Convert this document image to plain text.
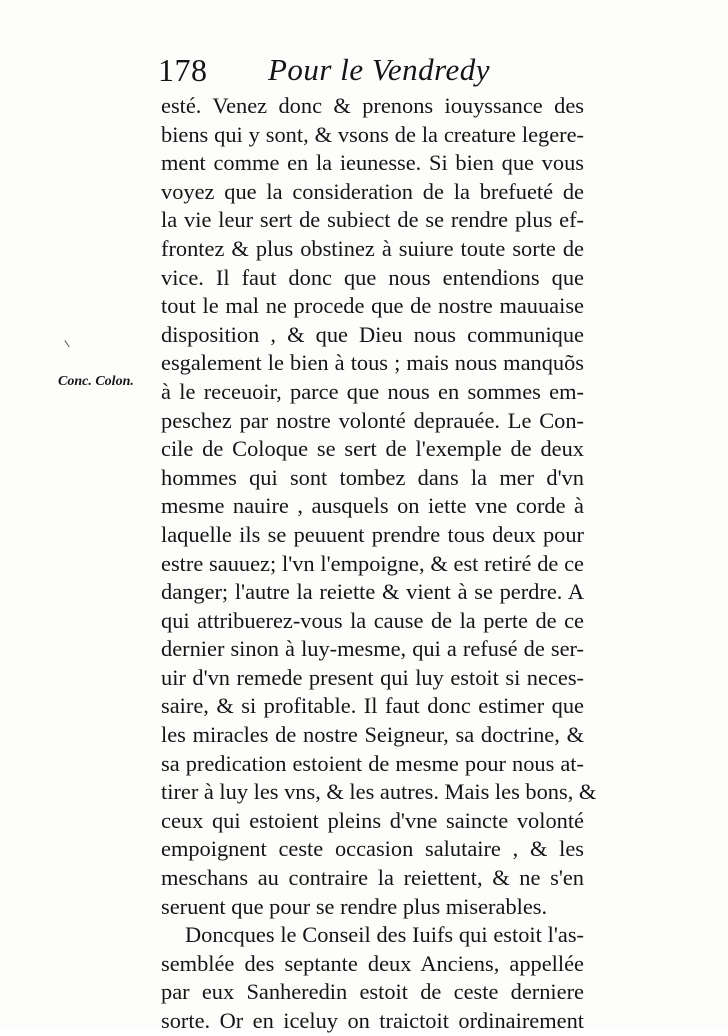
178 Pour le Vendredy
Conc. Colon.
esté. Venez donc & prenons iouyssance des
biens qui y sont, & vsons de la creature legere-
ment comme en la ieunesse. Si bien que vous
voyez que la consideration de la brefueté de
la vie leur sert de subiect de se rendre plus ef-
frontez & plus obstinez à suiure toute sorte de
vice. Il faut donc que nous entendions que
tout le mal ne procede que de nostre mauuaise
disposition , & que Dieu nous communique
esgalement le bien à tous ; mais nous manquõs
à le receuoir, parce que nous en sommes em-
peschez par nostre volonté deprauée. Le Con-
cile de Coloque se sert de l'exemple de deux
hommes qui sont tombez dans la mer d'vn
mesme nauire , ausquels on iette vne corde à
laquelle ils se peuuent prendre tous deux pour
estre sauuez; l'vn l'empoigne, & est retiré de ce
danger; l'autre la reiette & vient à se perdre. A
qui attribuerez-vous la cause de la perte de ce
dernier sinon à luy-mesme, qui a refusé de ser-
uir d'vn remede present qui luy estoit si neces-
saire, & si profitable. Il faut donc estimer que
les miracles de nostre Seigneur, sa doctrine, &
sa predication estoient de mesme pour nous at-
tirer à luy les vns, & les autres. Mais les bons, &
ceux qui estoient pleins d'vne saincte volonté
empoignent ceste occasion salutaire , & les
meschans au contraire la reiettent, & ne s'en
seruent que pour se rendre plus miserables.
Doncques le Conseil des Iuifs qui estoit l'as-
semblée des septante deux Anciens, appellée
par eux Sanheredin estoit de ceste derniere
sorte. Or en iceluy on traictoit ordinairement
